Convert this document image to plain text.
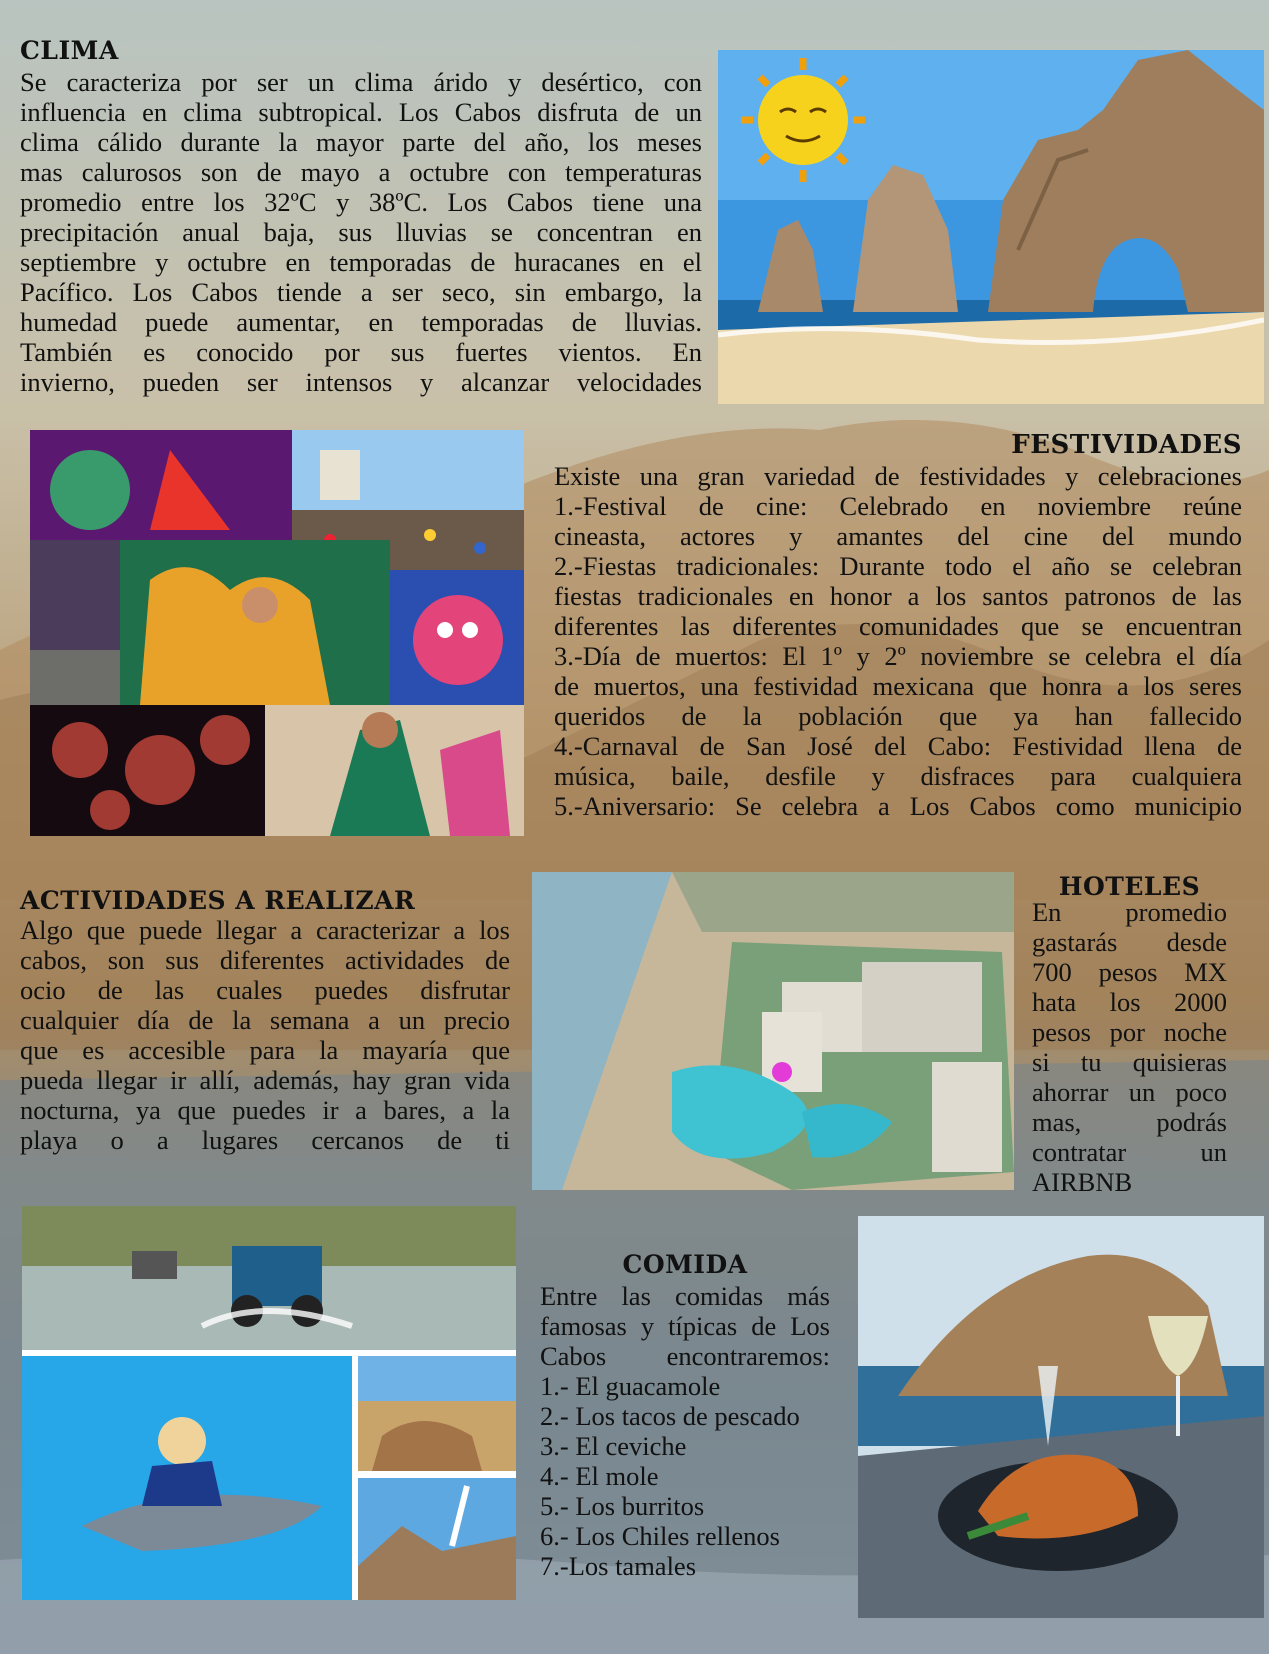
CLIMA
Se caracteriza por ser un clima árido y desértico, con
influencia en clima subtropical. Los Cabos disfruta de un
clima cálido durante la mayor parte del año, los meses
mas calurosos son de mayo a octubre con temperaturas
promedio entre los 32ºC y 38ºC. Los Cabos tiene una
precipitación anual baja, sus lluvias se concentran en
septiembre y octubre en temporadas de huracanes en el
Pacífico. Los Cabos tiende a ser seco, sin embargo, la
humedad puede aumentar, en temporadas de lluvias.
También es conocido por sus fuertes vientos. En
invierno, pueden ser intensos y alcanzar velocidades
FESTIVIDADES
Existe una gran variedad de festividades y celebraciones
1.-Festival de cine: Celebrado en noviembre reúne
cineasta, actores y amantes del cine del mundo
2.-Fiestas tradicionales: Durante todo el año se celebran
fiestas tradicionales en honor a los santos patronos de las
diferentes las diferentes comunidades que se encuentran
3.-Día de muertos: El 1º y 2º noviembre se celebra el día
de muertos, una festividad mexicana que honra a los seres
queridos de la población que ya han fallecido
4.-Carnaval de San José del Cabo: Festividad llena de
música, baile, desfile y disfraces para cualquiera
5.-Aniversario: Se celebra a Los Cabos como municipio
ACTIVIDADES A REALIZAR
Algo que puede llegar a caracterizar a los
cabos, son sus diferentes actividades de
ocio de las cuales puedes disfrutar
cualquier día de la semana a un precio
que es accesible para la mayaría que
pueda llegar ir allí, además, hay gran vida
nocturna, ya que puedes ir a bares, a la
playa o a lugares cercanos de ti
HOTELES
En promedio
gastarás desde
700 pesos MX
hata los 2000
pesos por noche
si tu quisieras
ahorrar un poco
mas, podrás
contratar un
AIRBNB
COMIDA
Entre las comidas más
famosas y típicas de Los
Cabos encontraremos:
1.- El guacamole
2.- Los tacos de pescado
3.- El ceviche
4.- El mole
5.- Los burritos
6.- Los Chiles rellenos
7.-Los tamales
